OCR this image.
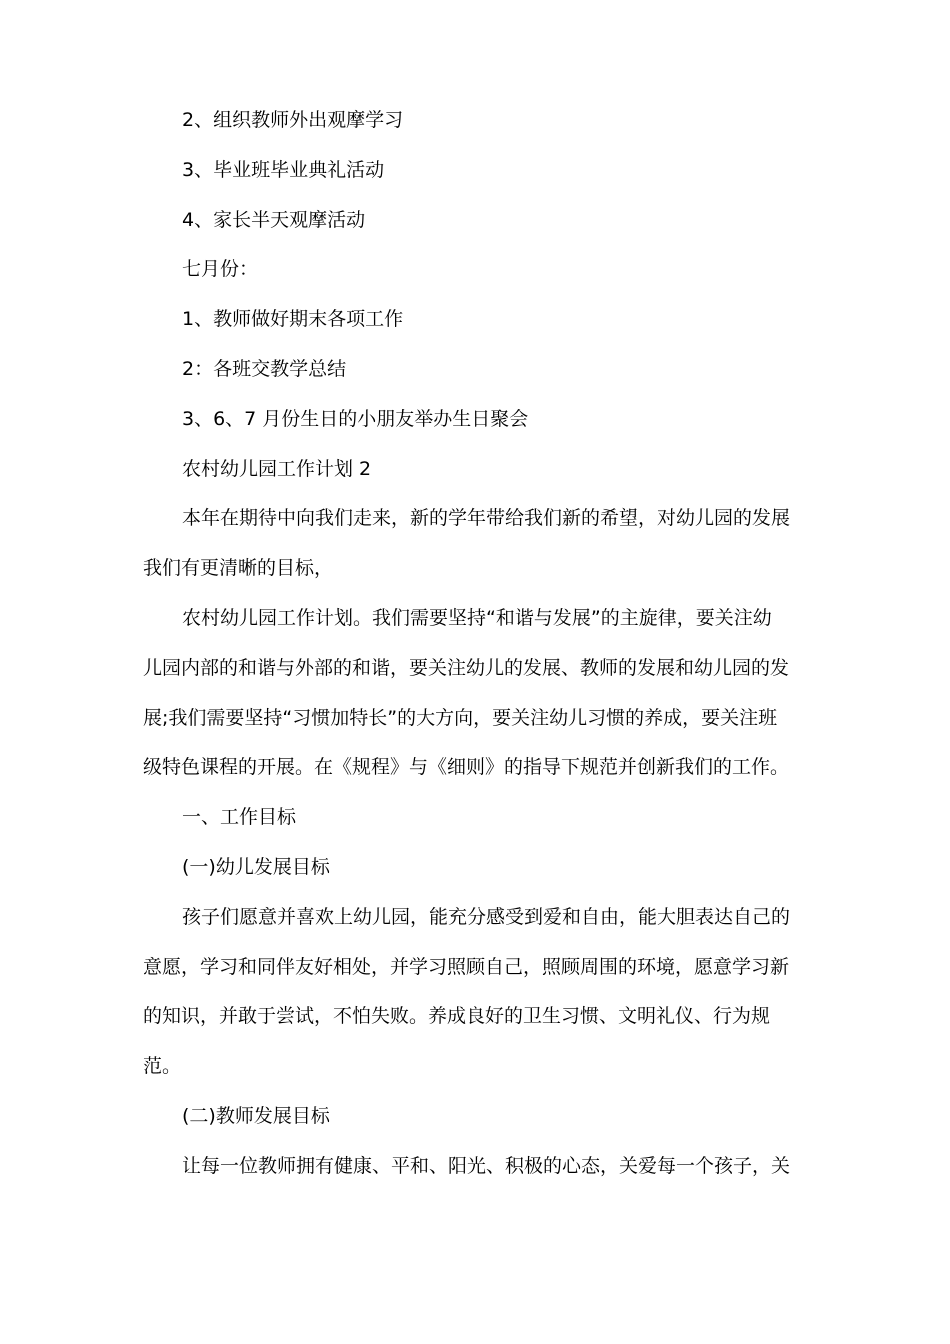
2、组织教师外出观摩学习
3、毕业班毕业典礼活动
4、家长半天观摩活动
七月份：
1、教师做好期末各项工作
2：各班交教学总结
3、6、7 月份生日的小朋友举办生日聚会
农村幼儿园工作计划 2
本年在期待中向我们走来，新的学年带给我们新的希望，对幼儿园的发展
我们有更清晰的目标，
农村幼儿园工作计划。我们需要坚持“和谐与发展”的主旋律，要关注幼
儿园内部的和谐与外部的和谐，要关注幼儿的发展、教师的发展和幼儿园的发
展;我们需要坚持“习惯加特长”的大方向，要关注幼儿习惯的养成，要关注班
级特色课程的开展。在《规程》与《细则》的指导下规范并创新我们的工作。
一、工作目标
(一)幼儿发展目标
孩子们愿意并喜欢上幼儿园，能充分感受到爱和自由，能大胆表达自己的
意愿，学习和同伴友好相处，并学习照顾自己，照顾周围的环境，愿意学习新
的知识，并敢于尝试，不怕失败。养成良好的卫生习惯、文明礼仪、行为规
范。
(二)教师发展目标
让每一位教师拥有健康、平和、阳光、积极的心态，关爱每一个孩子，关
